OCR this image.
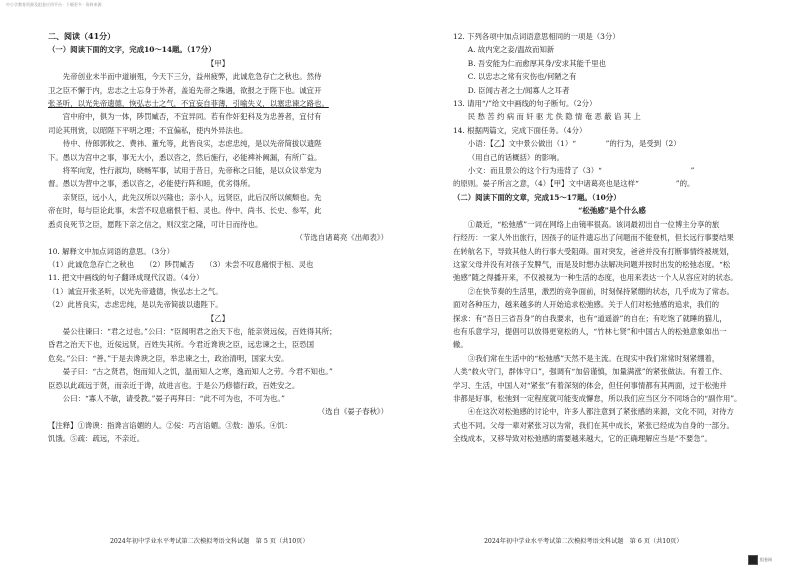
中小学教育资源及组卷应用平台 · 下载更多 · 资料来源
二、阅读（41分）
（一）阅读下面的文字，完成10～14题。（17分）
【甲】
先帝创业未半而中道崩殂，今天下三分，益州疲弊，此诚危急存亡之秋也。然侍
卫之臣不懈于内，忠志之士忘身于外者，盖追先帝之殊遇，欲报之于陛下也。诚宜开
张圣听，以光先帝遗德，恢弘志士之气，不宜妄自菲薄，引喻失义，以塞忠谏之路也。
宫中府中，俱为一体，陟罚臧否，不宜异同。若有作奸犯科及为忠善者，宜付有
司论其刑赏，以昭陛下平明之理；不宜偏私，使内外异法也。
侍中、侍郎郭攸之、费祎、董允等，此皆良实，志虑忠纯，是以先帝简拔以遗陛
下。愚以为宫中之事，事无大小，悉以咨之，然后施行，必能裨补阙漏，有所广益。
将军向宠，性行淑均，晓畅军事，试用于昔日，先帝称之曰能，是以众议举宠为
督。愚以为营中之事，悉以咨之，必能使行阵和睦，优劣得所。
亲贤臣，远小人，此先汉所以兴隆也；亲小人，远贤臣，此后汉所以倾颓也。先
帝在时，每与臣论此事，未尝不叹息痛恨于桓、灵也。侍中、尚书、长史、参军，此
悉贞良死节之臣，愿陛下亲之信之，则汉室之隆，可计日而待也。
（节选自诸葛亮《出师表》）
10. 解释文中加点词语的意思。（3分）
（1）此诚危急存亡之秋也　　（2）陟罚臧否　　（3）未尝不叹息痛恨于桓、灵也
11. 把文中画线的句子翻译成现代汉语。（4分）
（1）诚宜开张圣听，以光先帝遗德，恢弘志士之气。
（2）此皆良实，志虑忠纯，是以先帝简拔以遗陛下。
【乙】
晏公往谏曰：“君之过也。”公曰：“臣闻明君之治天下也，能亲贤远佞，百姓得其所；
昏君之治天下也，近佞远贤，百姓失其所。今君近谗谀之臣，远忠谏之士，臣恐国
危矣。”公曰：“善。”于是去谗谀之臣，举忠谏之士，政治清明，国家大安。
晏子曰：“古之贤君，饱而知人之饥，温而知人之寒，逸而知人之劳。今君不知也。”
臣恐以此疏远于贤，而亲近于谗，故进言也。于是公乃修德行政，百姓安之。
公曰：“寡人不敏，请受教。”晏子再拜曰：“此不可为也，不可为也。”
（选自《晏子春秋》）
【注释】①谗谀：指谗言谄媚的人。②佞：巧言谄媚。③敖：游乐。④饥：
饥饿。⑤疏：疏远，不亲近。
12. 下列各项中加点词语意思相同的一项是（3分）
A. 故内宠之妾/温故而知新
B. 吾安能为仁而愈厚其身/安求其能千里也
C. 以忠志之常有灾伤也/何陋之有
D. 臣闻古者之士/闻寡人之耳者
13. 请用“/”给文中画线的句子断句。（2分）
民 愁 苦 约 病 而 奸 驱 尤 佚 隐 情 奄 恶 蔽 谄 其 上
14. 根据两篇文，完成下面任务。（4分）
小语：【乙】文中景公做出（1）“　　　　”的行为，是受到（2）
（用自己的话概括）的影响。
小文：而且景公的这个行为违背了（3）“　　　　　　　　　　　　”
的原则。晏子所言之意，（4）【甲】文中诸葛亮也是这样“　　　　　”的。
（二）阅读下面的文章，完成15～17题。（10分）
“松弛感”是个什么感
①最近，“松弛感”一词在网络上由镜率很高。该词最初出自一位博主分享的旅
行经历：一家人外出旅行，因孩子的证件遗忘出了问题而不能登机，但长远行事要结果
在转航名下，导致其他人的行事大受阻碍。面对突发，爸爸并没有打断事情终被规划，
这家父母并没有对孩子发脾气，而是及时想办法解决问题并按时出发的松弛态度。“松
弛感”随之得播开来，不仅被视为一种生活的态度，也用来表达一个人从容应对的状态。
②在快节奏的生活里，激烈的竞争面前，时刻保持紧绷的状态，几乎成为了常态。
面对各种压力，越来越多的人开始追求松弛感。关于人们对松弛感的追求，我们的
探求：有“吾日三省吾身”的自我要求，也有“道遥游”的自在；有吃饱了就睡的猫儿，
也有乐意学习，提倡可以放得更宽松的人，“竹林七贤”和中国古人的松弛意象如出一
辙。
③我们常在生活中的“松弛感”天然不是主流。在现实中我们常常时刻紧绷着，
人类“救火守门，群体守口”，强调有“加倍谨慎，加量满涨”的紧张做法。有着工作、
学习、生活，中国人对“紧张”有着深刻的体会，但任何事情都有其两面，过于松弛并
非都是好事，松弛到一定程度就可能变成懈怠，所以我们应当区分不同场合的“副作用”。
④在这次对松弛感的讨论中，许多人都注意到了紧张感的来源，文化不同，对待方
式也不同。父母一辈对紧张习以为常，我们在其中成长，紧张已经成为自身的一部分。
全线成本，又移导致对松弛感的需要越来越大，它的正确理解应当是“不要急”。
2024年初中学业水平考试第二次模拟考语文科试题　第 5 页（共10页）	2024年初中学业水平考试第二次模拟考语文科试题　第 6 页（共10页）
组卷网
